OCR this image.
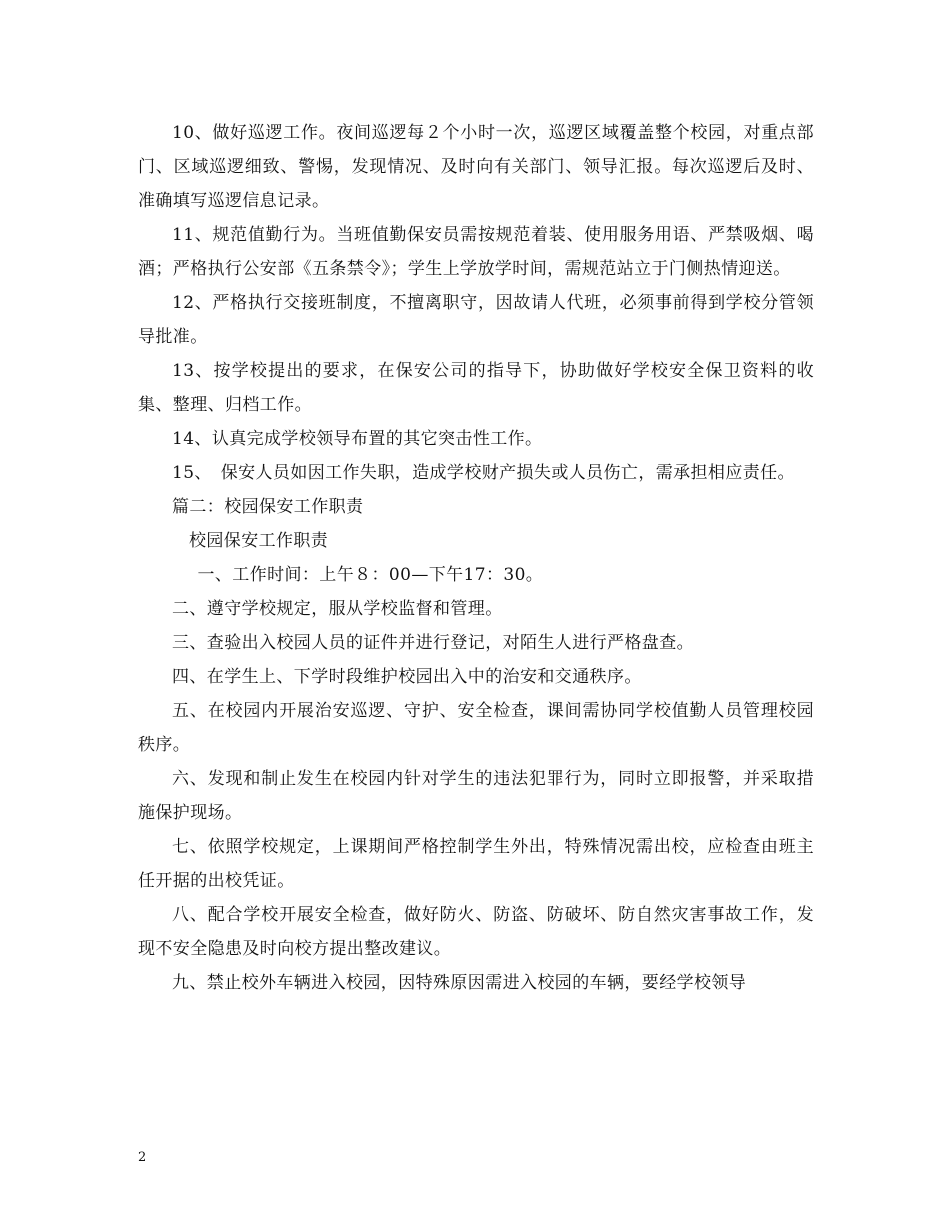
10、做好巡逻工作。夜间巡逻每２个小时一次，巡逻区域覆盖整个校园，对重点部门、区域巡逻细致、警惕，发现情况、及时向有关部门、领导汇报。每次巡逻后及时、准确填写巡逻信息记录。

11、规范值勤行为。当班值勤保安员需按规范着装、使用服务用语、严禁吸烟、喝酒；严格执行公安部《五条禁令》；学生上学放学时间，需规范站立于门侧热情迎送。

12、严格执行交接班制度，不擅离职守，因故请人代班，必须事前得到学校分管领导批准。

13、按学校提出的要求，在保安公司的指导下，协助做好学校安全保卫资料的收集、整理、归档工作。

14、认真完成学校领导布置的其它突击性工作。

15、　保安人员如因工作失职，造成学校财产损失或人员伤亡，需承担相应责任。

篇二：校园保安工作职责

校园保安工作职责

一、工作时间：上午８：00—下午17：30。

二、遵守学校规定，服从学校监督和管理。

三、查验出入校园人员的证件并进行登记，对陌生人进行严格盘查。

四、在学生上、下学时段维护校园出入中的治安和交通秩序。

五、在校园内开展治安巡逻、守护、安全检查，课间需协同学校值勤人员管理校园秩序。

六、发现和制止发生在校园内针对学生的违法犯罪行为，同时立即报警，并采取措施保护现场。

七、依照学校规定，上课期间严格控制学生外出，特殊情况需出校，应检查由班主任开据的出校凭证。

八、配合学校开展安全检查，做好防火、防盗、防破坏、防自然灾害事故工作，发现不安全隐患及时向校方提出整改建议。

九、禁止校外车辆进入校园，因特殊原因需进入校园的车辆，要经学校领导

2
